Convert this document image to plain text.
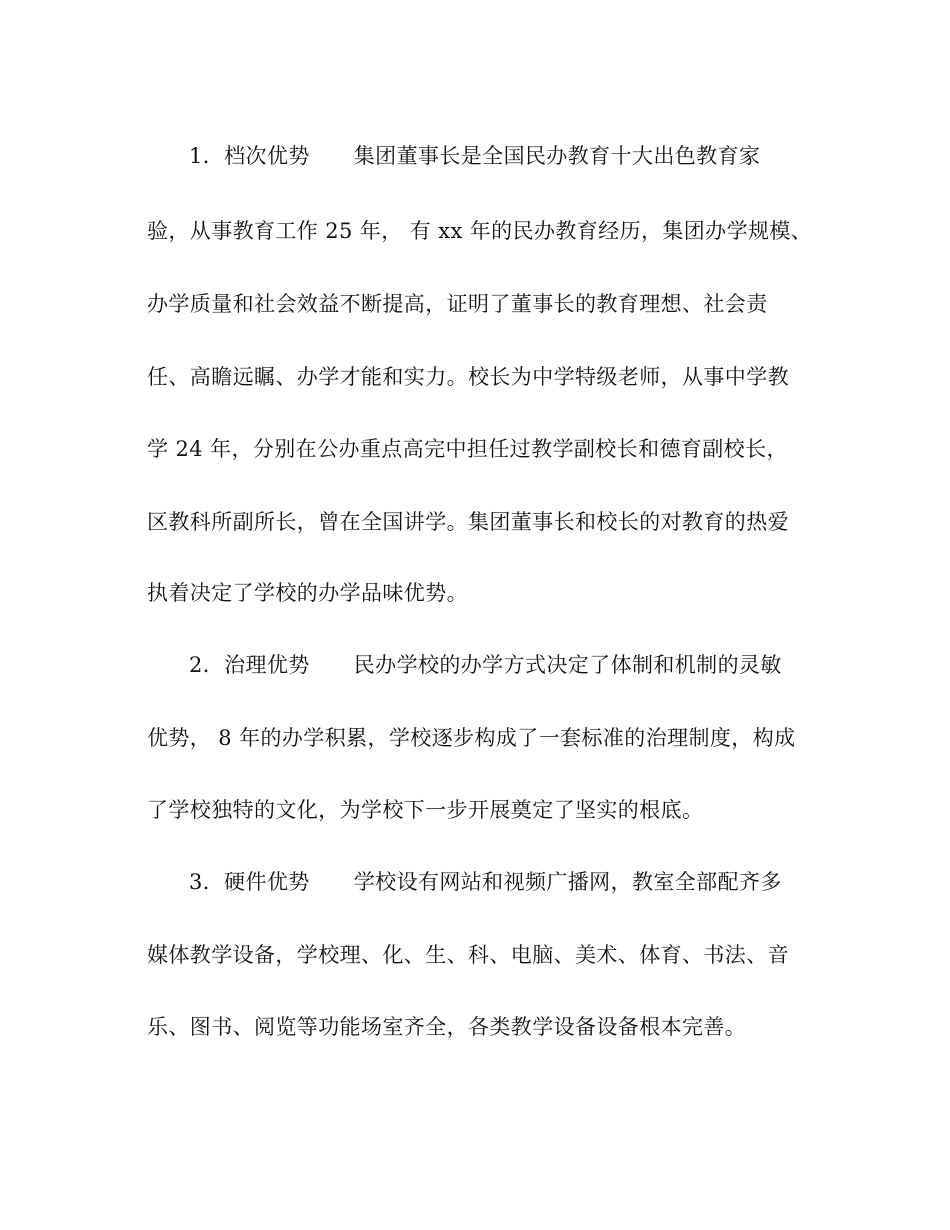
1．档次优势 集团董事长是全国民办教育十大出色教育家
验，从事教育工作 25 年， 有 xx 年的民办教育经历，集团办学规模、
办学质量和社会效益不断提高，证明了董事长的教育理想、社会责
任、高瞻远瞩、办学才能和实力。校长为中学特级老师，从事中学教
学 24 年，分别在公办重点高完中担任过教学副校长和德育副校长，
区教科所副所长，曾在全国讲学。集团董事长和校长的对教育的热爱
执着决定了学校的办学品味优势。
2．治理优势 民办学校的办学方式决定了体制和机制的灵敏
优势， 8 年的办学积累，学校逐步构成了一套标准的治理制度，构成
了学校独特的文化，为学校下一步开展奠定了坚实的根底。
3．硬件优势 学校设有网站和视频广播网，教室全部配齐多
媒体教学设备，学校理、化、生、科、电脑、美术、体育、书法、音
乐、图书、阅览等功能场室齐全，各类教学设备设备根本完善。
